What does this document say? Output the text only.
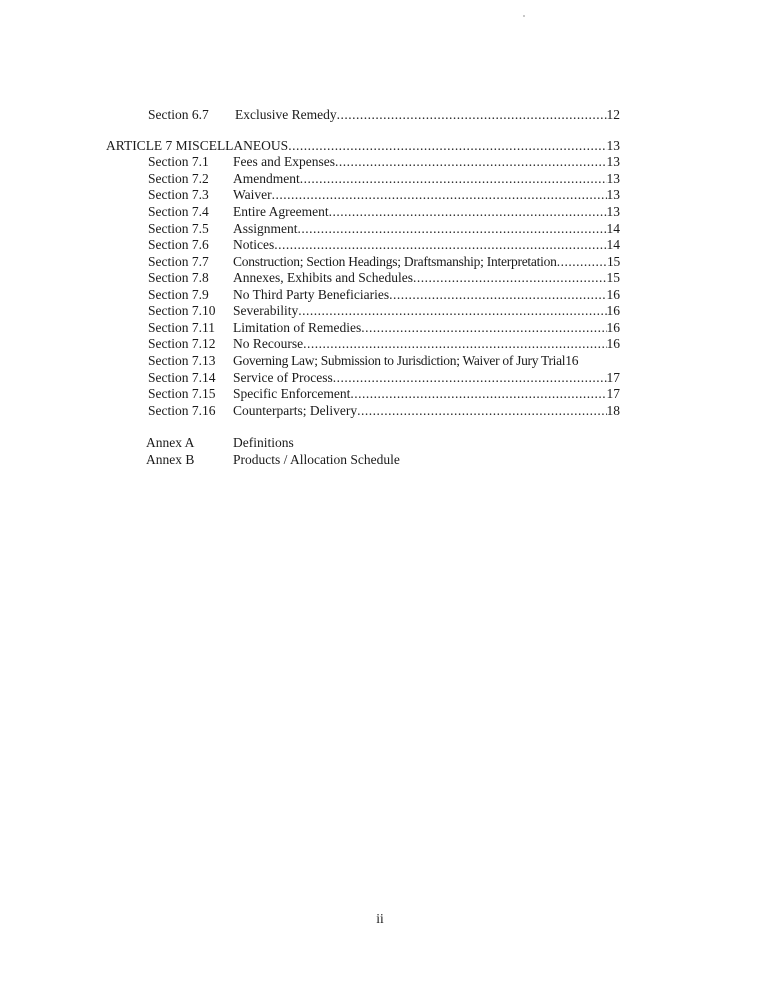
Section 6.7 Exclusive Remedy .....	12
ARTICLE 7 MISCELLANEOUS .....	13
Section 7.1 Fees and Expenses .....	13
Section 7.2 Amendment .....	13
Section 7.3 Waiver .....	13
Section 7.4 Entire Agreement .....	13
Section 7.5 Assignment .....	14
Section 7.6 Notices .....	14
Section 7.7 Construction; Section Headings; Draftsmanship; Interpretation .....	15
Section 7.8 Annexes, Exhibits and Schedules .....	15
Section 7.9 No Third Party Beneficiaries .....	16
Section 7.10 Severability .....	16
Section 7.11 Limitation of Remedies .....	16
Section 7.12 No Recourse .....	16
Section 7.13 Governing Law; Submission to Jurisdiction; Waiver of Jury Trial 16
Section 7.14 Service of Process .....	17
Section 7.15 Specific Enforcement .....	17
Section 7.16 Counterparts; Delivery .....	18
Annex A	Definitions
Annex B	Products / Allocation Schedule
ii
